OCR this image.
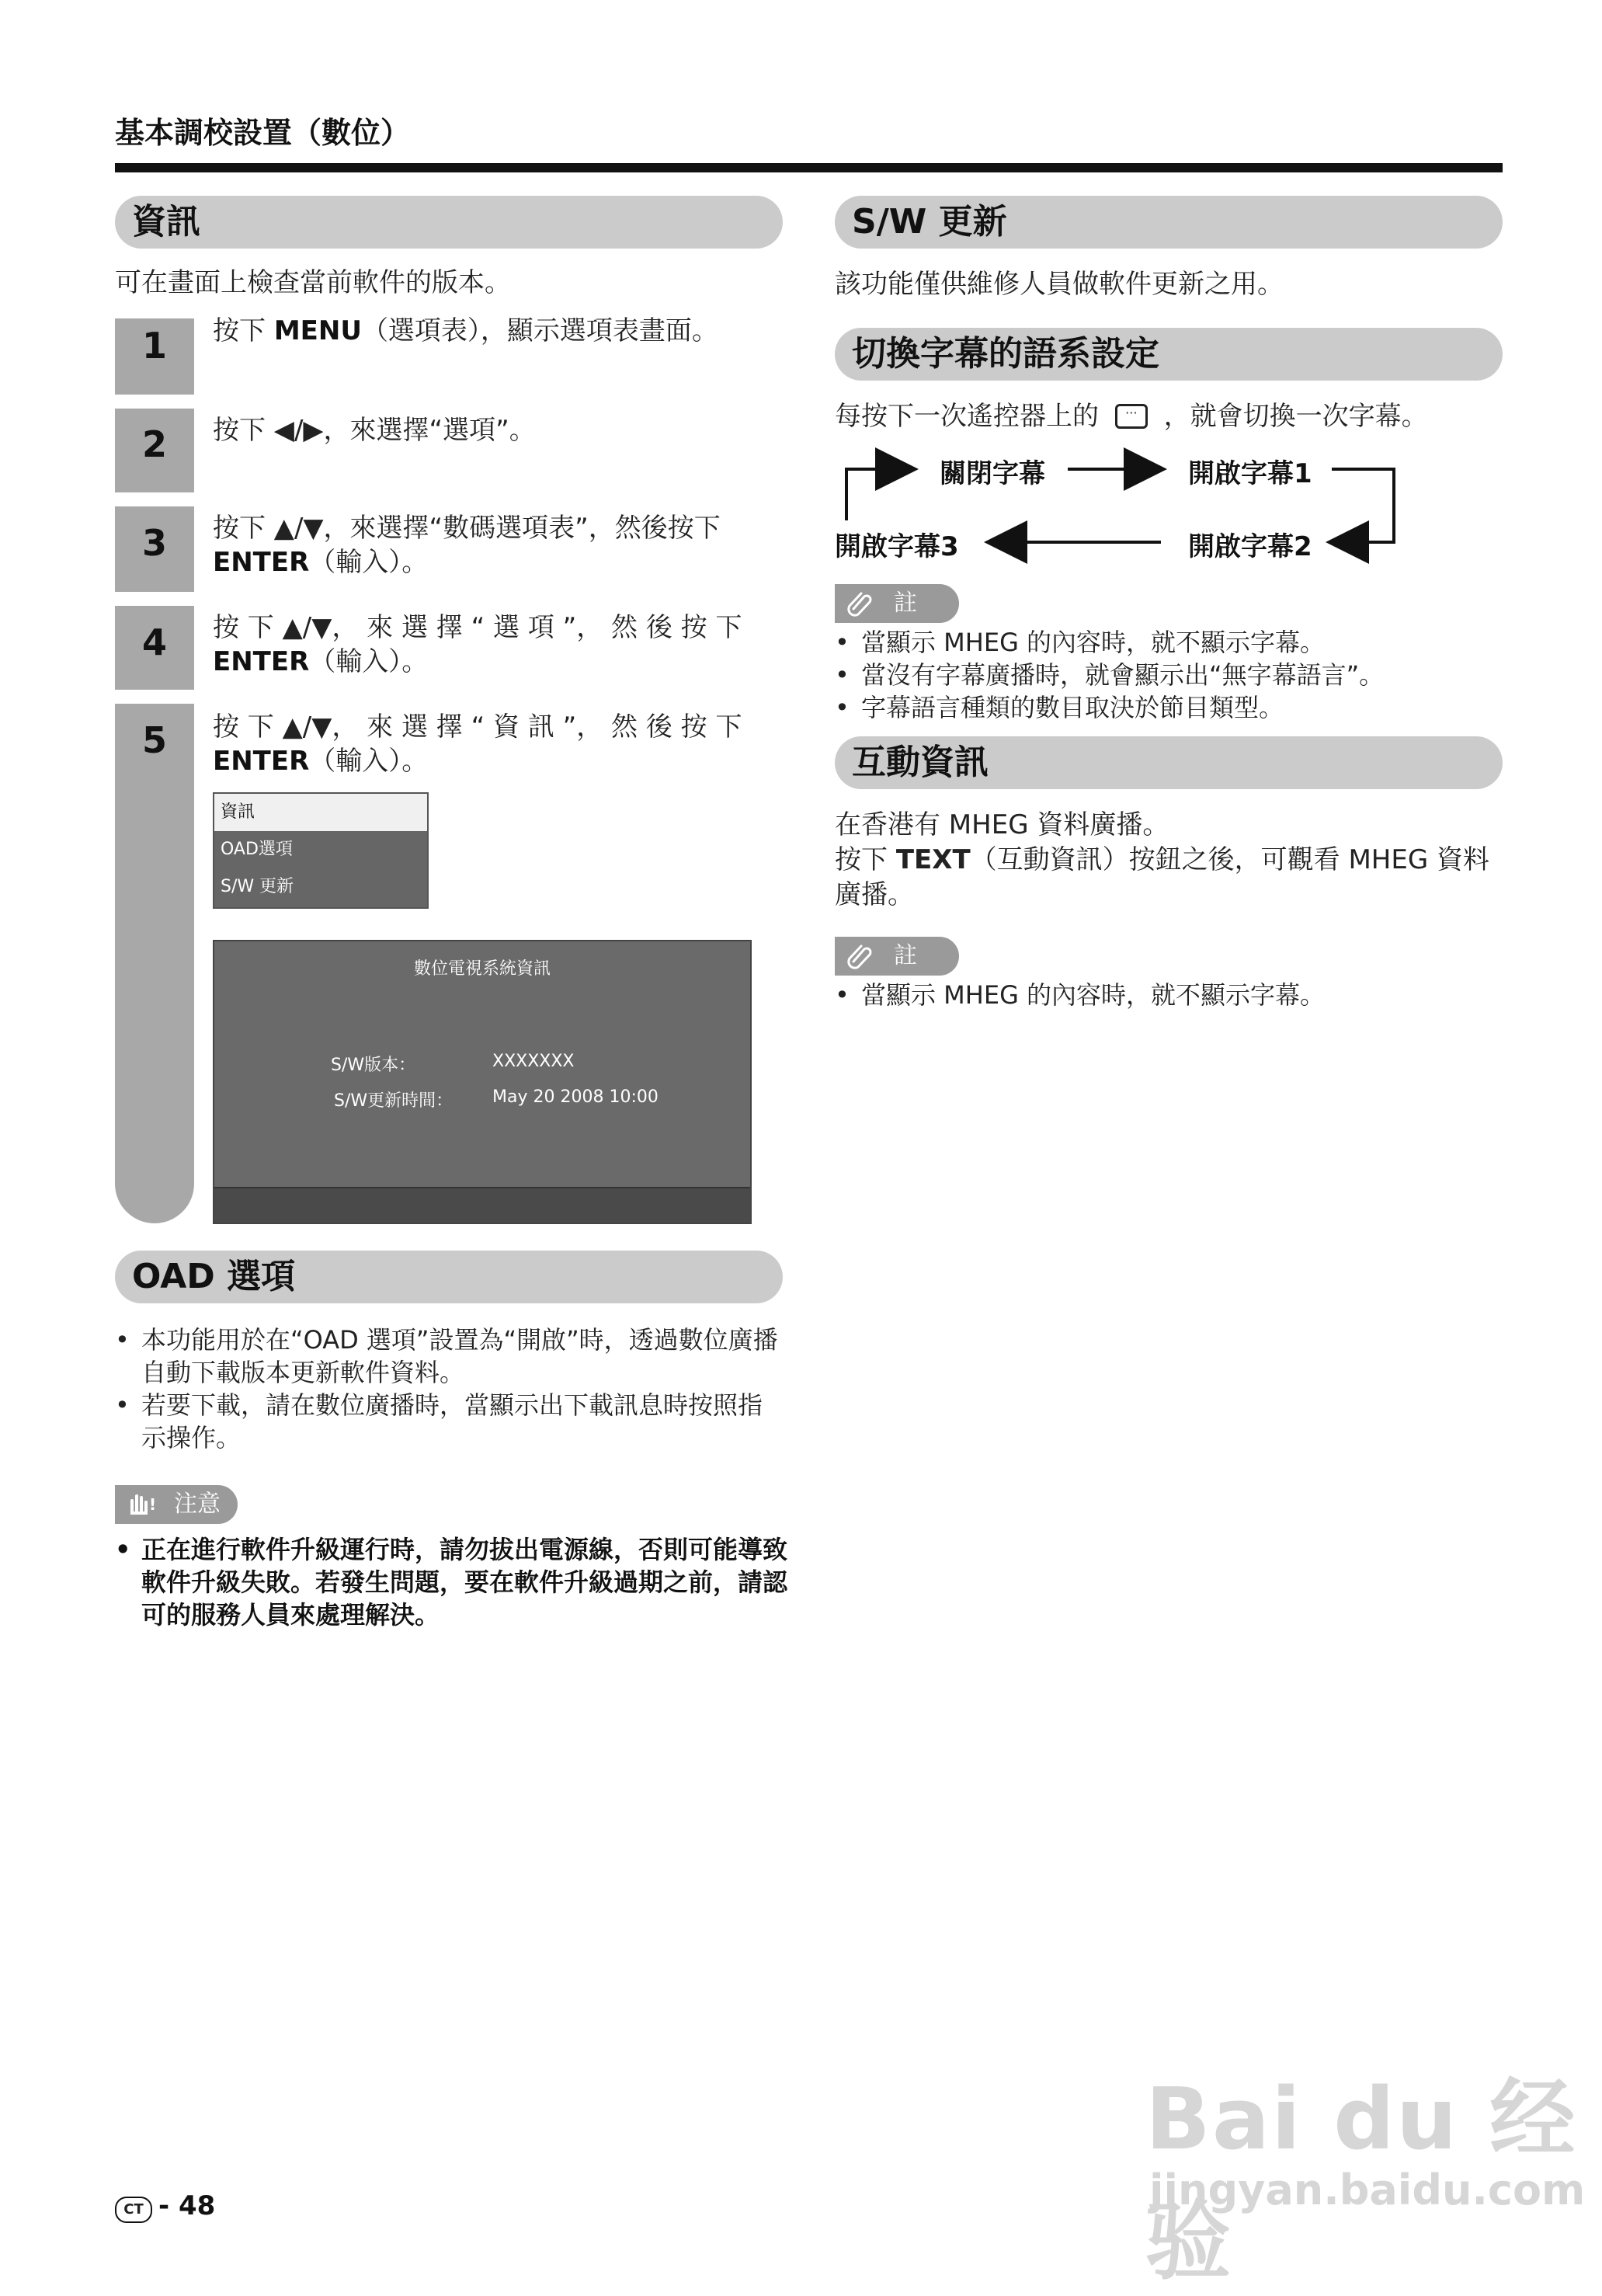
基本調校設置（數位）
資訊
可在畫面上檢查當前軟件的版本。
1
2
3
4
5
按下 MENU（選項表），顯示選項表畫面。
按下 ◀/▶，來選擇“選項”。
按下 ▲/▼，來選擇“數碼選項表”，然後按下
ENTER（輸入）。
按 下 ▲/▼， 來 選 擇 “ 選 項 ”， 然 後 按 下
ENTER（輸入）。
按 下 ▲/▼， 來 選 擇 “ 資 訊 ”， 然 後 按 下
ENTER（輸入）。
資訊
OAD選項
S/W 更新
數位電視系統資訊
S/W版本：	XXXXXXX
S/W更新時間： May 20 2008 10:00
OAD 選項
• 本功能用於在“OAD 選項”設置為“開啟”時，透過數位廣播自動下載版本更新軟件資料。
• 若要下載，請在數位廣播時，當顯示出下載訊息時按照指示操作。
! 注意
• 正在進行軟件升級運行時，請勿拔出電源線，否則可能導致軟件升級失敗。若發生問題，要在軟件升級過期之前，請認可的服務人員來處理解決。
S/W 更新
該功能僅供維修人員做軟件更新之用。
切換字幕的語系設定
每按下一次遙控器上的 ··· ，就會切換一次字幕。
關閉字幕	開啟字幕1
開啟字幕2
開啟字幕3
註
• 當顯示 MHEG 的內容時，就不顯示字幕。
• 當沒有字幕廣播時，就會顯示出“無字幕語言”。
• 字幕語言種類的數目取決於節目類型。
互動資訊
在香港有 MHEG 資料廣播。
按下 TEXT（互動資訊）按鈕之後，可觀看 MHEG 資料
廣播。
註
• 當顯示 MHEG 的內容時，就不顯示字幕。
Bai du 经验
jingyan.baidu.com
CT - 48
